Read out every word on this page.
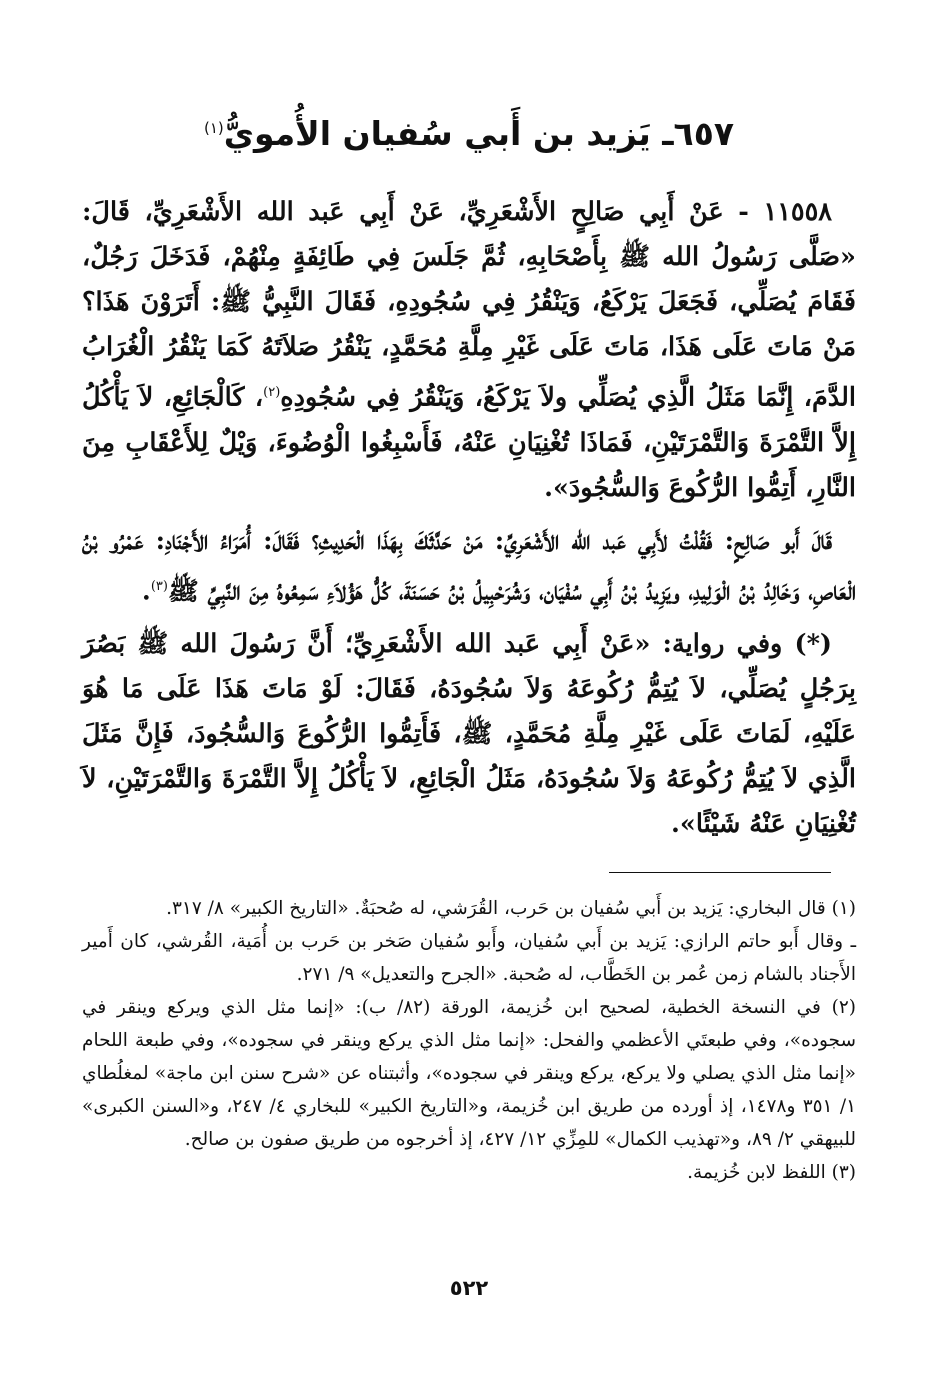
٦٥٧ـ يَزيد بن أَبي سُفيان الأُمويُّ$^{(١)}$

١١٥٥٨ - عَنْ أَبِي صَالِحٍ الأَشْعَرِيِّ، عَنْ أَبِي عَبد الله الأَشْعَرِيِّ، قَالَ: «صَلَّى رَسُولُ الله ﷺ بِأَصْحَابِهِ، ثُمَّ جَلَسَ فِي طَائِفَةٍ مِنْهُمْ، فَدَخَلَ رَجُلٌ، فَقَامَ يُصَلِّي، فَجَعَلَ يَرْكَعُ، وَيَنْقُرُ فِي سُجُودِهِ، فَقَالَ النَّبِيُّ ﷺ: أَتَرَوْنَ هَذَا؟ مَنْ مَاتَ عَلَى هَذَا، مَاتَ عَلَى غَيْرِ مِلَّةِ مُحَمَّدٍ، يَنْقُرُ صَلاَتَهُ كَمَا يَنْقُرُ الْغُرَابُ الدَّمَ، إِنَّمَا مَثَلُ الَّذِي يُصَلِّي ولاَ يَرْكَعُ، وَيَنْقُرُ فِي سُجُودِهِ$^{(٢)}$، كَالْجَائِعِ، لاَ يَأْكُلُ إِلاَّ التَّمْرَةَ وَالتَّمْرَتَيْنِ، فَمَاذَا تُغْنِيَانِ عَنْهُ، فَأَسْبِغُوا الْوُضُوءَ، وَيْلٌ لِلأَعْقَابِ مِنَ النَّارِ، أَتِمُّوا الرُّكُوعَ وَالسُّجُودَ».

قَالَ أَبو صَالِحٍ: فَقُلْتُ لأَبِي عَبد الله الأَشْعَرِيِّ: مَنْ حَدَّثَكَ بِهَذَا الْحَدِيثِ؟ فَقَالَ: أُمَرَاءُ الأَجْنَادِ: عَمْرُو بْنُ الْعَاصِ، وَخَالِدُ بْنُ الْوَلِيدِ، ويَزِيدُ بْنُ أَبِي سُفْيَان، وَشُرَحْبِيلُ بْنُ حَسَنَةَ، كُلُّ هَؤُلاَءِ سَمِعُوهُ مِنَ النَّبِيِّ ﷺ$^{(٣)}$.

(*) وفي رواية: «عَنْ أَبِي عَبد الله الأَشْعَرِيِّ؛ أَنَّ رَسُولَ الله ﷺ بَصُرَ بِرَجُلٍ يُصَلِّي، لاَ يُتِمُّ رُكُوعَهُ وَلاَ سُجُودَهُ، فَقَالَ: لَوْ مَاتَ هَذَا عَلَى مَا هُوَ عَلَيْهِ، لَمَاتَ عَلَى غَيْرِ مِلَّةِ مُحَمَّدٍ، ﷺ، فَأَتِمُّوا الرُّكُوعَ وَالسُّجُودَ، فَإِنَّ مَثَلَ الَّذِي لاَ يُتِمُّ رُكُوعَهُ وَلاَ سُجُودَهُ، مَثَلُ الْجَائِعِ، لاَ يَأْكُلُ إِلاَّ التَّمْرَةَ وَالتَّمْرَتَيْنِ، لاَ تُغْنِيَانِ عَنْهُ شَيْئًا».

(١) قال البخاري: يَزيد بن أَبي سُفيان بن حَرب، القُرَشي، له صُحبَةٌ. «التاريخ الكبير» ٨/ ٣١٧.

ـ وقال أَبو حاتم الرازي: يَزيد بن أَبي سُفيان، وأَبو سُفيان صَخر بن حَرب بن أُمَية، القُرشي، كان أَمير الأَجناد بالشام زمن عُمر بن الخَطَّاب، له صُحبة. «الجرح والتعديل» ٩/ ٢٧١.

(٢) في النسخة الخطية، لصحيح ابن خُزيمة، الورقة (٨٢/ ب): «إنما مثل الذي ويركع وينقر في سجوده»، وفي طبعتَي الأعظمي والفحل: «إنما مثل الذي يركع وينقر في سجوده»، وفي طبعة اللحام «إنما مثل الذي يصلي ولا يركع، يركع وينقر في سجوده»، وأثبتناه عن «شرح سنن ابن ماجة» لمغلُطاي ١/ ٣٥١ و١٤٧٨، إذ أورده من طريق ابن خُزيمة، و«التاريخ الكبير» للبخاري ٤/ ٢٤٧، و«السنن الكبرى» للبيهقي ٢/ ٨٩، و«تهذيب الكمال» للمِزِّي ١٢/ ٤٢٧، إذ أخرجوه من طريق صفون بن صالح.

(٣) اللفظ لابن خُزيمة.

٥٢٢
